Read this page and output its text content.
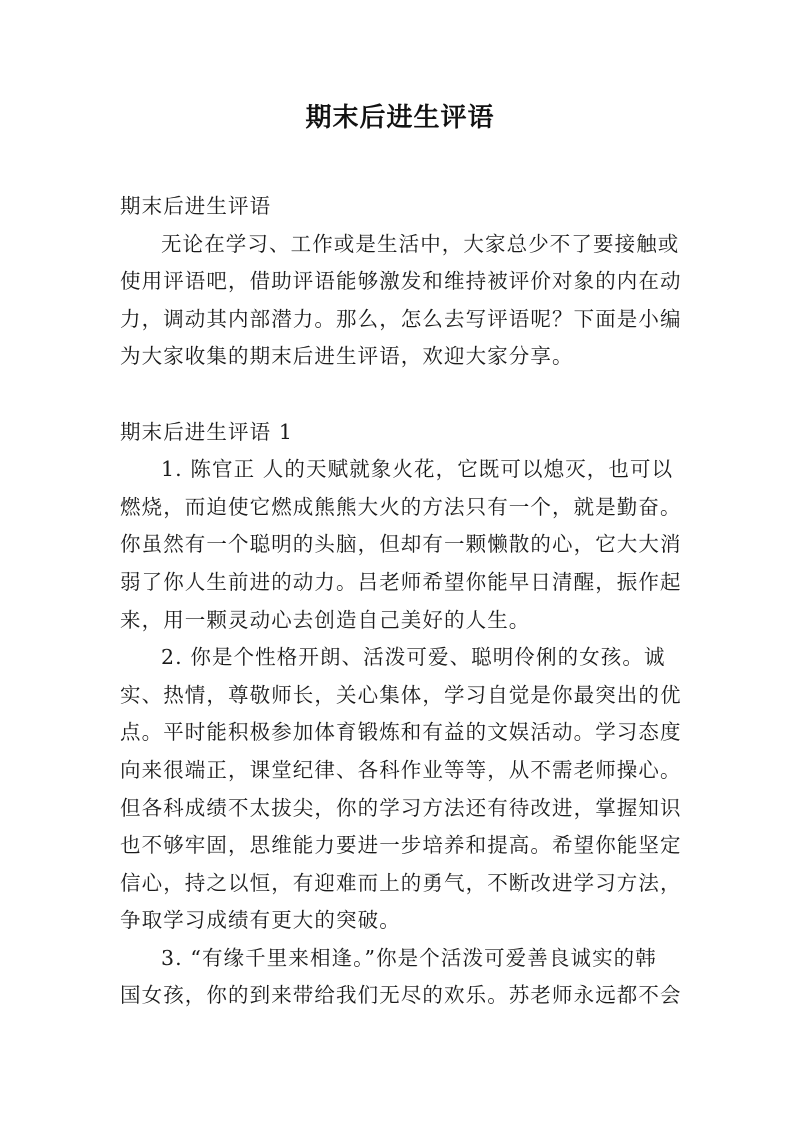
期末后进生评语
期末后进生评语
无论在学习、工作或是生活中，大家总少不了要接触或
使用评语吧，借助评语能够激发和维持被评价对象的内在动
力，调动其内部潜力。那么，怎么去写评语呢？下面是小编
为大家收集的期末后进生评语，欢迎大家分享。
期末后进生评语 1
1. 陈官正 人的天赋就象火花，它既可以熄灭，也可以
燃烧，而迫使它燃成熊熊大火的方法只有一个，就是勤奋。
你虽然有一个聪明的头脑，但却有一颗懒散的心，它大大消
弱了你人生前进的动力。吕老师希望你能早日清醒，振作起
来，用一颗灵动心去创造自己美好的人生。
2. 你是个性格开朗、活泼可爱、聪明伶俐的女孩。诚
实、热情，尊敬师长，关心集体，学习自觉是你最突出的优
点。平时能积极参加体育锻炼和有益的文娱活动。学习态度
向来很端正，课堂纪律、各科作业等等，从不需老师操心。
但各科成绩不太拔尖，你的学习方法还有待改进，掌握知识
也不够牢固，思维能力要进一步培养和提高。希望你能坚定
信心，持之以恒，有迎难而上的勇气，不断改进学习方法，
争取学习成绩有更大的突破。
3. “有缘千里来相逢。”你是个活泼可爱善良诚实的韩
国女孩，你的到来带给我们无尽的欢乐。苏老师永远都不会
